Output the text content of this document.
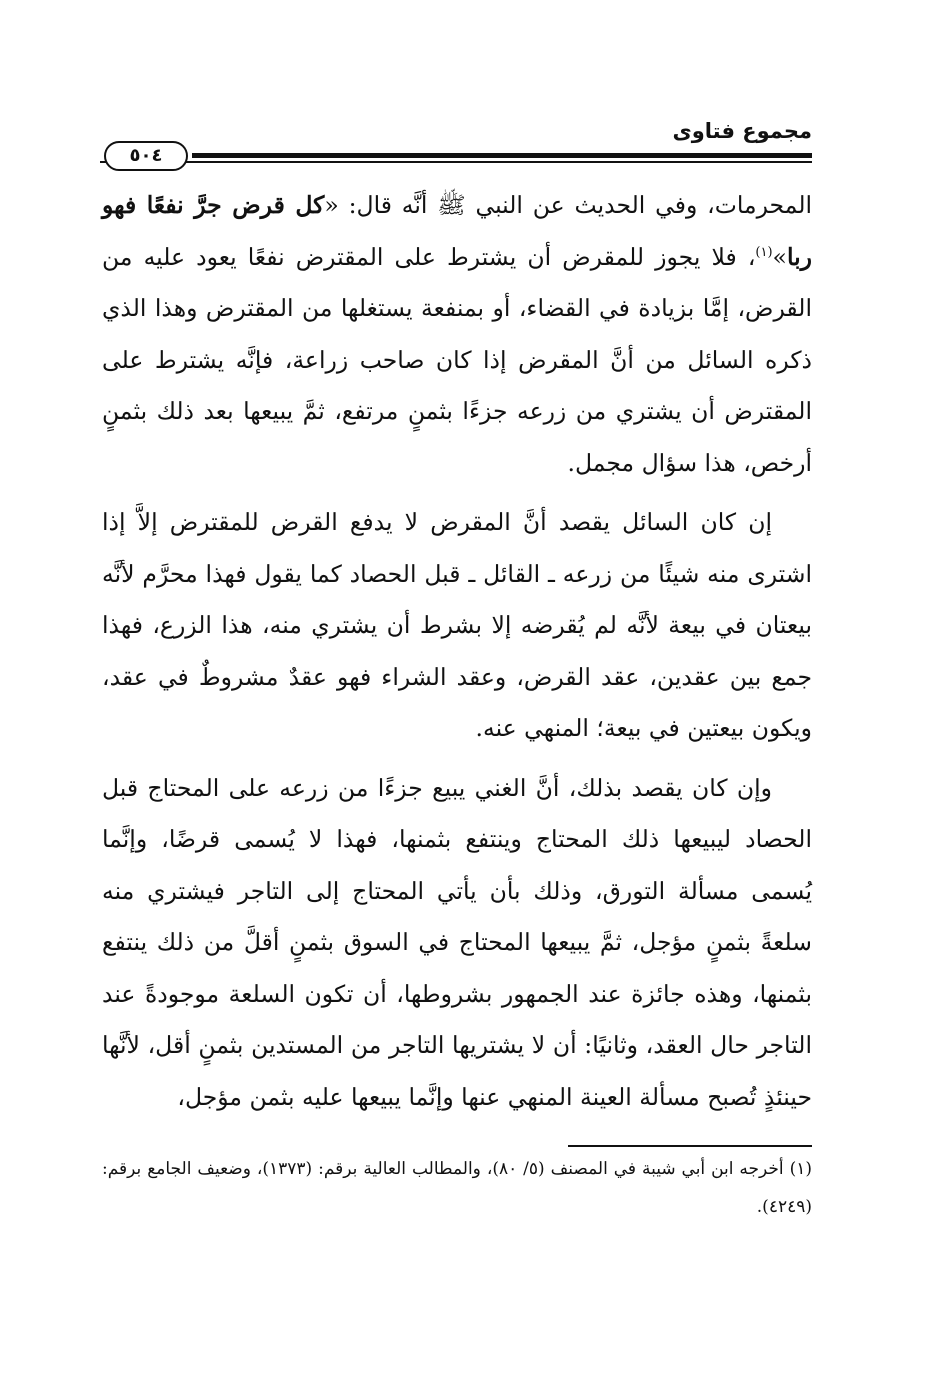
مجموع فتاوى
٥٠٤

المحرمات، وفي الحديث عن النبي ﷺ أنَّه قال: «كل قرض جرَّ نفعًا فهو ربا»$^{(١)}$، فلا يجوز للمقرض أن يشترط على المقترض نفعًا يعود عليه من القرض، إمَّا بزيادة في القضاء، أو بمنفعة يستغلها من المقترض وهذا الذي ذكره السائل من أنَّ المقرض إذا كان صاحب زراعة، فإنَّه يشترط على المقترض أن يشتري من زرعه جزءًا بثمنٍ مرتفع، ثمَّ يبيعها بعد ذلك بثمنٍ أرخص، هذا سؤال مجمل.

إن كان السائل يقصد أنَّ المقرض لا يدفع القرض للمقترض إلاَّ إذا اشترى منه شيئًا من زرعه ـ القائل ـ قبل الحصاد كما يقول فهذا محرَّم لأنَّه بيعتان في بيعة لأنَّه لم يُقرضه إلا بشرط أن يشتري منه، هذا الزرع، فهذا جمع بين عقدين، عقد القرض، وعقد الشراء فهو عقدٌ مشروطٌ في عقد، ويكون بيعتين في بيعة؛ المنهي عنه.

وإن كان يقصد بذلك، أنَّ الغني يبيع جزءًا من زرعه على المحتاج قبل الحصاد ليبيعها ذلك المحتاج وينتفع بثمنها، فهذا لا يُسمى قرضًا، وإنَّما يُسمى مسألة التورق، وذلك بأن يأتي المحتاج إلى التاجر فيشتري منه سلعةً بثمنٍ مؤجل، ثمَّ يبيعها المحتاج في السوق بثمنٍ أقلَّ من ذلك ينتفع بثمنها، وهذه جائزة عند الجمهور بشروطها، أن تكون السلعة موجودةً عند التاجر حال العقد، وثانيًا: أن لا يشتريها التاجر من المستدين بثمنٍ أقل، لأنَّها حينئذٍ تُصبح مسألة العينة المنهي عنها وإنَّما يبيعها عليه بثمن مؤجل،

(١) أخرجه ابن أبي شيبة في المصنف (٥/ ٨٠)، والمطالب العالية برقم: (١٣٧٣)، وضعيف الجامع برقم: (٤٢٤٩).
